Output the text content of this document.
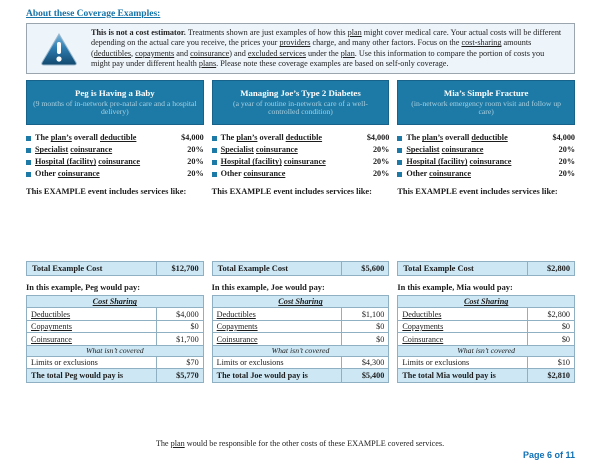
About these Coverage Examples:

This is not a cost estimator. Treatments shown are just examples of how this plan might cover medical care. Your actual costs will be different depending on the actual care you receive, the prices your providers charge, and many other factors. Focus on the cost-sharing amounts (deductibles, copayments and coinsurance) and excluded services under the plan. Use this information to compare the portion of costs you might pay under different health plans. Please note these coverage examples are based on self-only coverage.

Peg is Having a Baby
(9 months of in-network pre-natal care and a hospital delivery)
The plan’s overall deductible	$4,000
Specialist coinsurance	20%
Hospital (facility) coinsurance	20%
Other coinsurance	20%
This EXAMPLE event includes services like:
Total Example Cost	$12,700
In this example, Peg would pay:
Cost Sharing
Deductibles	$4,000
Copayments	$0
Coinsurance	$1,700
What isn’t covered
Limits or exclusions	$70
The total Peg would pay is	$5,770
Managing Joe’s Type 2 Diabetes
(a year of routine in-network care of a well-controlled condition)
The plan’s overall deductible	$4,000
Specialist coinsurance	20%
Hospital (facility) coinsurance	20%
Other coinsurance	20%
This EXAMPLE event includes services like:
Total Example Cost	$5,600
In this example, Joe would pay:
Cost Sharing
Deductibles	$1,100
Copayments	$0
Coinsurance	$0
What isn’t covered
Limits or exclusions	$4,300
The total Joe would pay is	$5,400
Mia’s Simple Fracture
(in-network emergency room visit and follow up care)
The plan’s overall deductible	$4,000
Specialist coinsurance	20%
Hospital (facility) coinsurance	20%
Other coinsurance	20%
This EXAMPLE event includes services like:
Total Example Cost	$2,800
In this example, Mia would pay:
Cost Sharing
Deductibles	$2,800
Copayments	$0
Coinsurance	$0
What isn’t covered
Limits or exclusions	$10
The total Mia would pay is	$2,810
The plan would be responsible for the other costs of these EXAMPLE covered services.
Page 6 of 11
